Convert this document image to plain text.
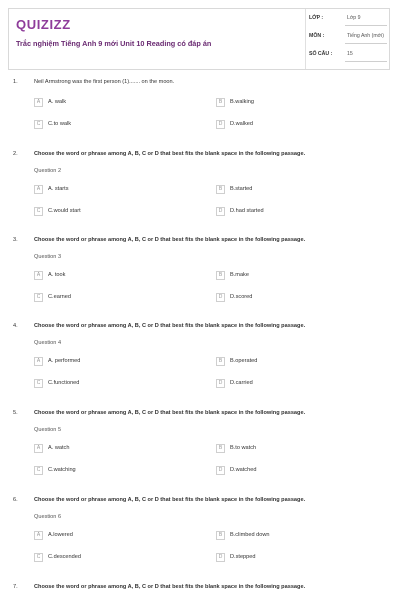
QUIZIZZ
Trắc nghiệm Tiếng Anh 9 mới Unit 10 Reading có đáp án
LỚP :	Lớp 9
MÔN :	Tiếng Anh (mới)
SỐ CÂU :	15
1.	Neil Armstrong was the first person (1)....... on the moon.
A	A. walk	B	B.walking
C	C.to walk	D	D.walked
2.	Choose the word or phrase among A, B, C or D that best fits the blank space in the following passage.
Question 2
A	A. starts	B	B.started
C	C.would start	D	D.had started
3.	Choose the word or phrase among A, B, C or D that best fits the blank space in the following passage.
Question 3
A	A. took	B	B.make
C	C.earned	D	D.scored
4.	Choose the word or phrase among A, B, C or D that best fits the blank space in the following passage.
Question 4
A	A. performed	B	B.operated
C	C.functioned	D	D.carried
5.	Choose the word or phrase among A, B, C or D that best fits the blank space in the following passage.
Question 5
A	A. watch	B	B.to watch
C	C.watching	D	D.watched
6.	Choose the word or phrase among A, B, C or D that best fits the blank space in the following passage.
Question 6
A	A.lowered	B	B.climbed down
C	C.descended	D	D.stepped
7.	Choose the word or phrase among A, B, C or D that best fits the blank space in the following passage.
